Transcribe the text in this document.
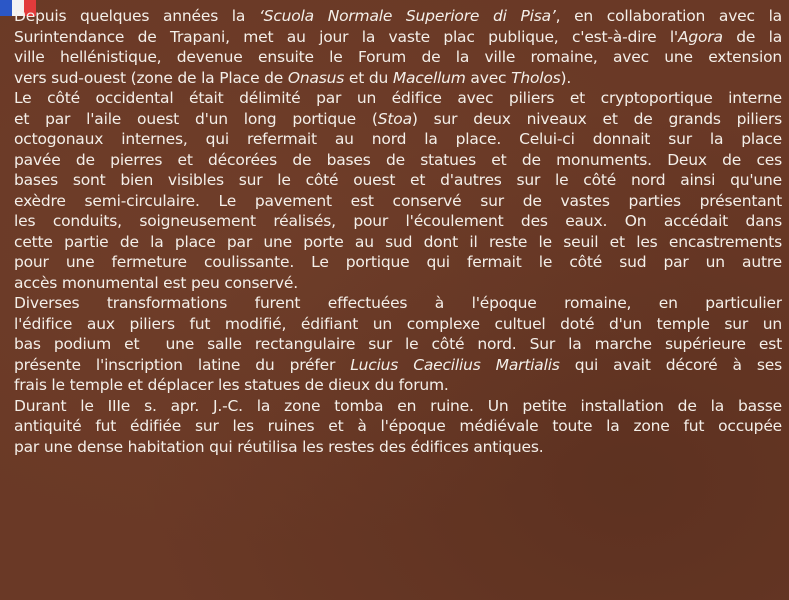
Depuis quelques années la ‘Scuola Normale Superiore di Pisa’, en collaboration avec la
Surintendance de Trapani, met au jour la vaste plac publique, c'est-à-dire l'Agora de la
ville hellénistique, devenue ensuite le Forum de la ville romaine, avec une extension
vers sud-ouest (zone de la Place de Onasus et du Macellum avec Tholos).
Le côté occidental était délimité par un édifice avec piliers et cryptoportique interne
et par l'aile ouest d'un long portique (Stoa) sur deux niveaux et de grands piliers
octogonaux internes, qui refermait au nord la place. Celui-ci donnait sur la place
pavée de pierres et décorées de bases de statues et de monuments. Deux de ces
bases sont bien visibles sur le côté ouest et d'autres sur le côté nord ainsi qu'une
exèdre semi-circulaire. Le pavement est conservé sur de vastes parties présentant
les conduits, soigneusement réalisés, pour l'écoulement des eaux. On accédait dans
cette partie de la place par une porte au sud dont il reste le seuil et les encastrements
pour une fermeture coulissante. Le portique qui fermait le côté sud par un autre
accès monumental est peu conservé.
Diverses transformations furent effectuées à l'époque romaine, en particulier
l'édifice aux piliers fut modifié, édifiant un complexe cultuel doté d'un temple sur un
bas podium et  une salle rectangulaire sur le côté nord. Sur la marche supérieure est
présente l'inscription latine du préfer Lucius Caecilius Martialis qui avait décoré à ses
frais le temple et déplacer les statues de dieux du forum.
Durant le IIIe s. apr. J.-C. la zone tomba en ruine. Un petite installation de la basse
antiquité fut édifiée sur les ruines et à l'époque médiévale toute la zone fut occupée
par une dense habitation qui réutilisa les restes des édifices antiques.
